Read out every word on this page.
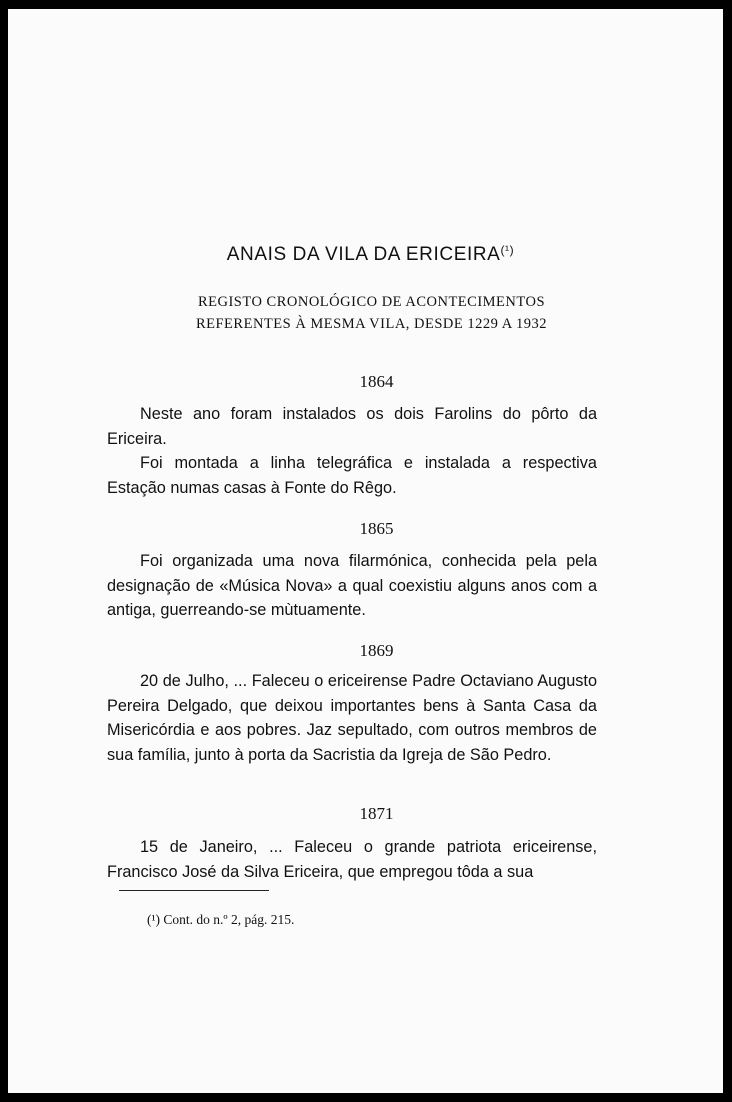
ANAIS DA VILA DA $ERICEIRA^{(^1)}$
REGISTO CRONOLÓGICO DE ACONTECIMENTOS
REFERENTES À MESMA VILA, DESDE 1229 A 1932
1864

Neste ano foram instalados os dois Farolins do pôrto da Ericeira.

Foi montada a linha telegráfica e instalada a respectiva Estação numas casas à Fonte do Rêgo.

1865

Foi organizada uma nova filarmónica, conhecida pela pela designação de «Música Nova» a qual coexistiu alguns anos com a antiga, guerreando-se mùtuamente.

1869

20 de Julho, ... Faleceu o ericeirense Padre Octaviano Augusto Pereira Delgado, que deixou importantes bens à Santa Casa da Misericórdia e aos pobres. Jaz sepultado, com outros membros de sua família, junto à porta da Sacristia da Igreja de São Pedro.

1871

15 de Janeiro, ... Faleceu o grande patriota ericeirense, Francisco José da Silva Ericeira, que empregou tôda a sua

(¹) Cont. do n.º 2, pág. 215.
